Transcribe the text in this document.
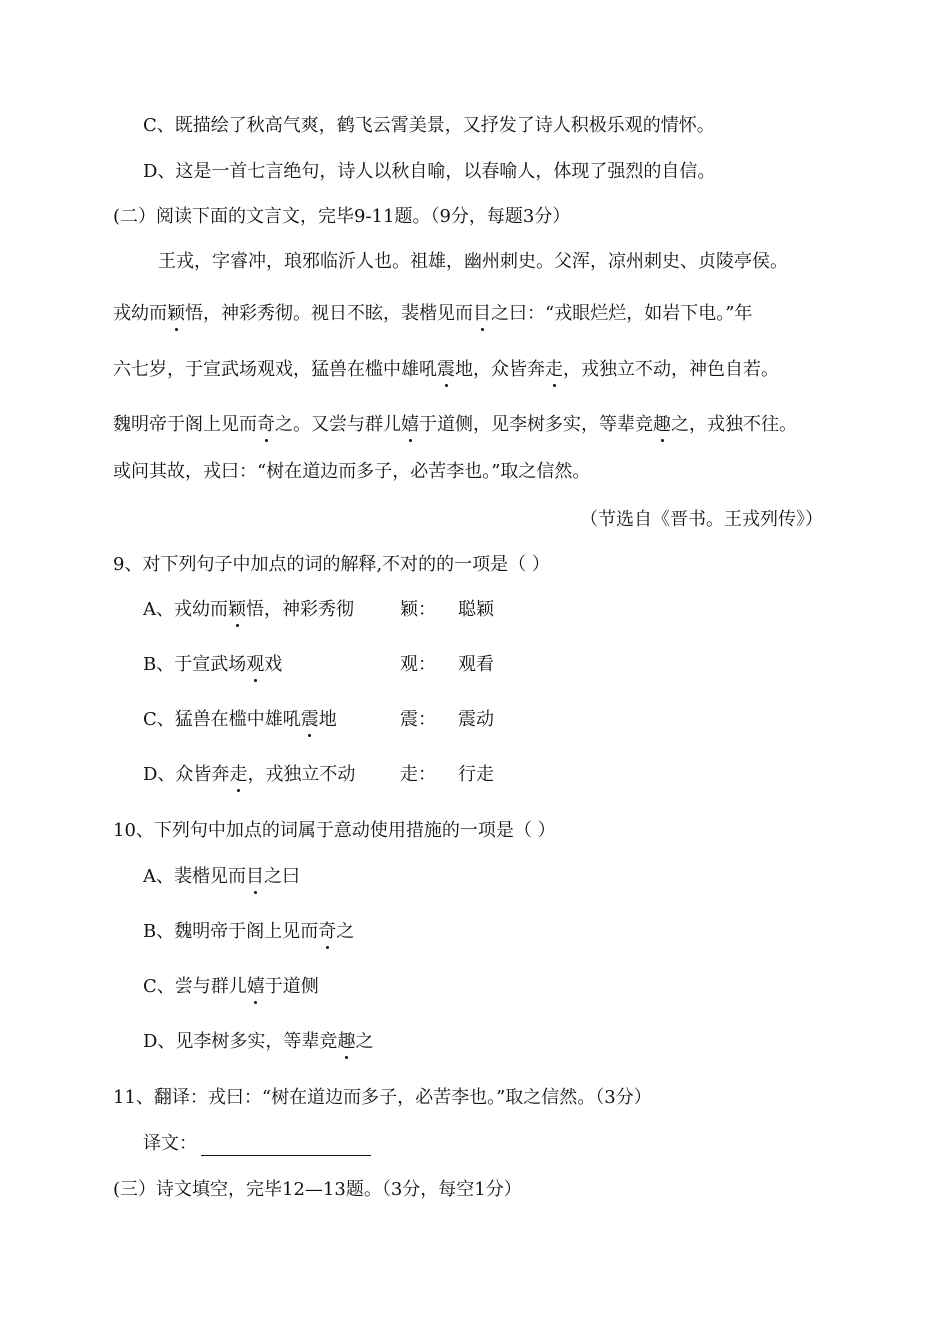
C、既描绘了秋高气爽，鹤飞云霄美景，又抒发了诗人积极乐观的情怀。
D、这是一首七言绝句，诗人以秋自喻，以春喻人，体现了强烈的自信。
(二）阅读下面的文言文，完毕9-11题。（9分，每题3分）
王戎，字睿冲，琅邪临沂人也。祖雄，幽州刺史。父浑，凉州刺史、贞陵亭侯。
戎幼而颖悟，神彩秀彻。视日不眩，裴楷见而目之曰：“戎眼烂烂，如岩下电。”年
六七岁，于宣武场观戏，猛兽在槛中雄吼震地，众皆奔走，戎独立不动，神色自若。
魏明帝于阁上见而奇之。又尝与群儿嬉于道侧，见李树多实，等辈竞趣之，戎独不往。
或问其故，戎曰：“树在道边而多子，必苦李也。”取之信然。
（节选自《晋书。王戎列传》）
9、对下列句子中加点的词的解释,不对的的一项是（ ）
A、戎幼而颖悟，神彩秀彻	颖： 聪颖
B、于宣武场观戏	观： 观看
C、猛兽在槛中雄吼震地	震： 震动
D、众皆奔走，戎独立不动 走： 行走
10、下列句中加点的词属于意动使用措施的一项是（ ）
A、裴楷见而目之曰
B、魏明帝于阁上见而奇之
C、尝与群儿嬉于道侧
D、见李树多实，等辈竞趣之
11、翻译：戎曰：“树在道边而多子，必苦李也。”取之信然。（3分）
译文：
(三）诗文填空，完毕12—13题。（3分，每空1分）
